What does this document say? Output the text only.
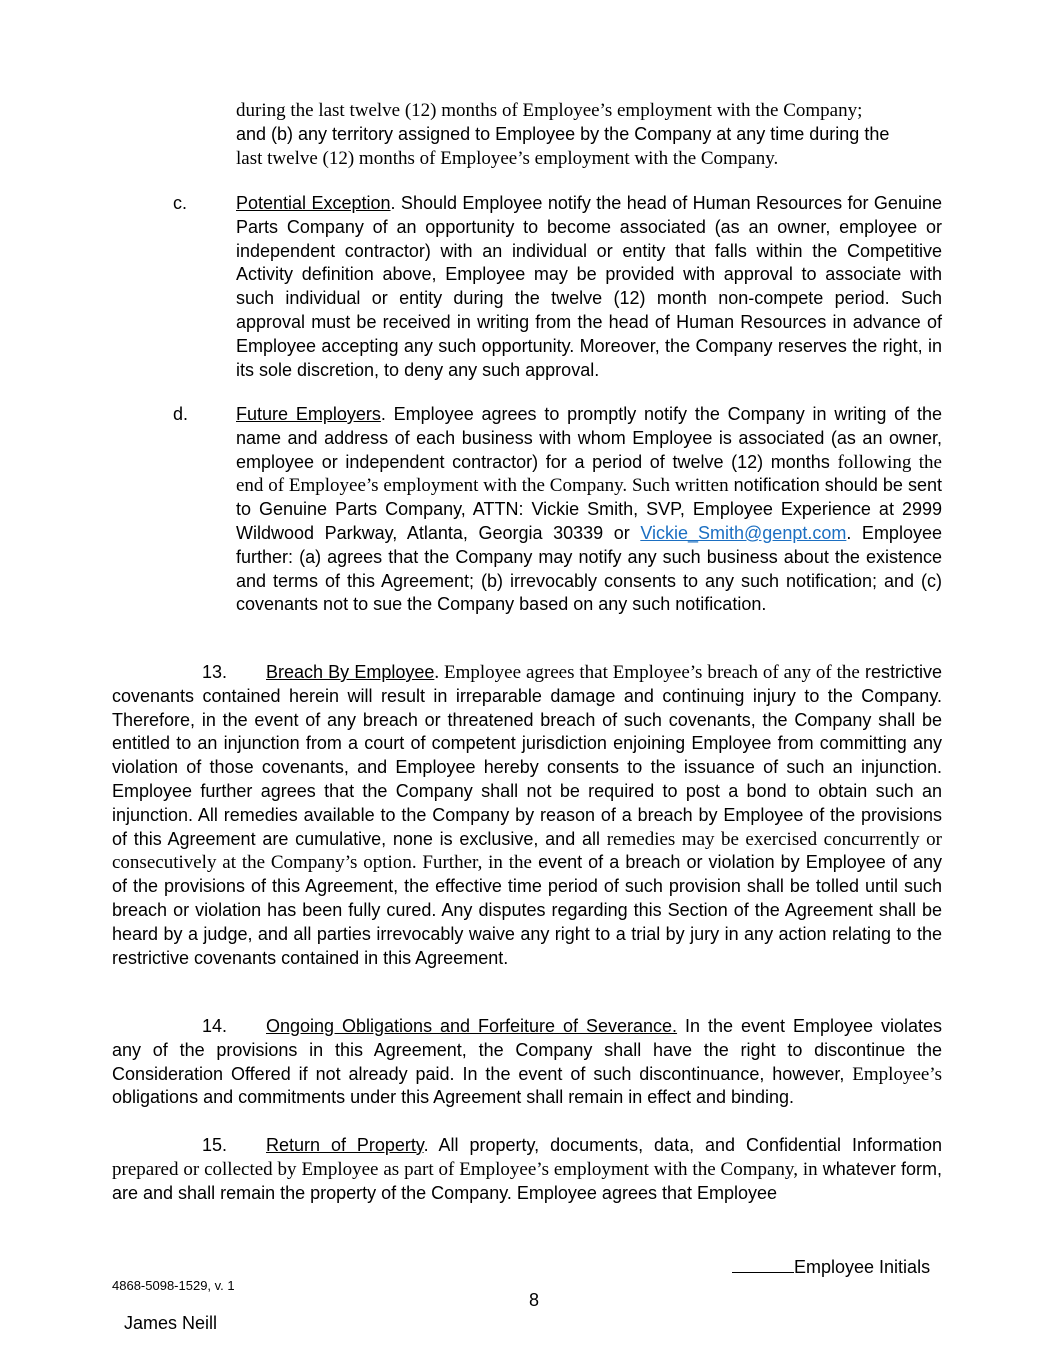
during the last twelve (12) months of Employee’s employment with the Company;
and (b) any territory assigned to Employee by the Company at any time during the
last twelve (12) months of Employee’s employment with the Company.
c.	Potential Exception. Should Employee notify the head of Human Resources for Genuine Parts Company of an opportunity to become associated (as an owner, employee or independent contractor) with an individual or entity that falls within the Competitive Activity definition above, Employee may be provided with approval to associate with such individual or entity during the twelve (12) month non-compete period. Such approval must be received in writing from the head of Human Resources in advance of Employee accepting any such opportunity. Moreover, the Company reserves the right, in its sole discretion, to deny any such approval.
d.	Future Employers. Employee agrees to promptly notify the Company in writing of the name and address of each business with whom Employee is associated (as an owner, employee or independent contractor) for a period of twelve (12) months following the end of Employee’s employment with the Company. Such written notification should be sent to Genuine Parts Company, ATTN: Vickie Smith, SVP, Employee Experience at 2999 Wildwood Parkway, Atlanta, Georgia 30339 or Vickie_Smith@genpt.com. Employee further: (a) agrees that the Company may notify any such business about the existence and terms of this Agreement; (b) irrevocably consents to any such notification; and (c) covenants not to sue the Company based on any such notification.
13. Breach By Employee. Employee agrees that Employee’s breach of any of the restrictive covenants contained herein will result in irreparable damage and continuing injury to the Company. Therefore, in the event of any breach or threatened breach of such covenants, the Company shall be entitled to an injunction from a court of competent jurisdiction enjoining Employee from committing any violation of those covenants, and Employee hereby consents to the issuance of such an injunction. Employee further agrees that the Company shall not be required to post a bond to obtain such an injunction. All remedies available to the Company by reason of a breach by Employee of the provisions of this Agreement are cumulative, none is exclusive, and all remedies may be exercised concurrently or consecutively at the Company’s option. Further, in the event of a breach or violation by Employee of any of the provisions of this Agreement, the effective time period of such provision shall be tolled until such breach or violation has been fully cured. Any disputes regarding this Section of the Agreement shall be heard by a judge, and all parties irrevocably waive any right to a trial by jury in any action relating to the restrictive covenants contained in this Agreement.
14. Ongoing Obligations and Forfeiture of Severance. In the event Employee violates any of the provisions in this Agreement, the Company shall have the right to discontinue the Consideration Offered if not already paid. In the event of such discontinuance, however, Employee’s obligations and commitments under this Agreement shall remain in effect and binding.
15. Return of Property. All property, documents, data, and Confidential Information prepared or collected by Employee as part of Employee’s employment with the Company, in whatever form, are and shall remain the property of the Company. Employee agrees that Employee
Employee Initials
4868-5098-1529, v. 1
8
James Neill
